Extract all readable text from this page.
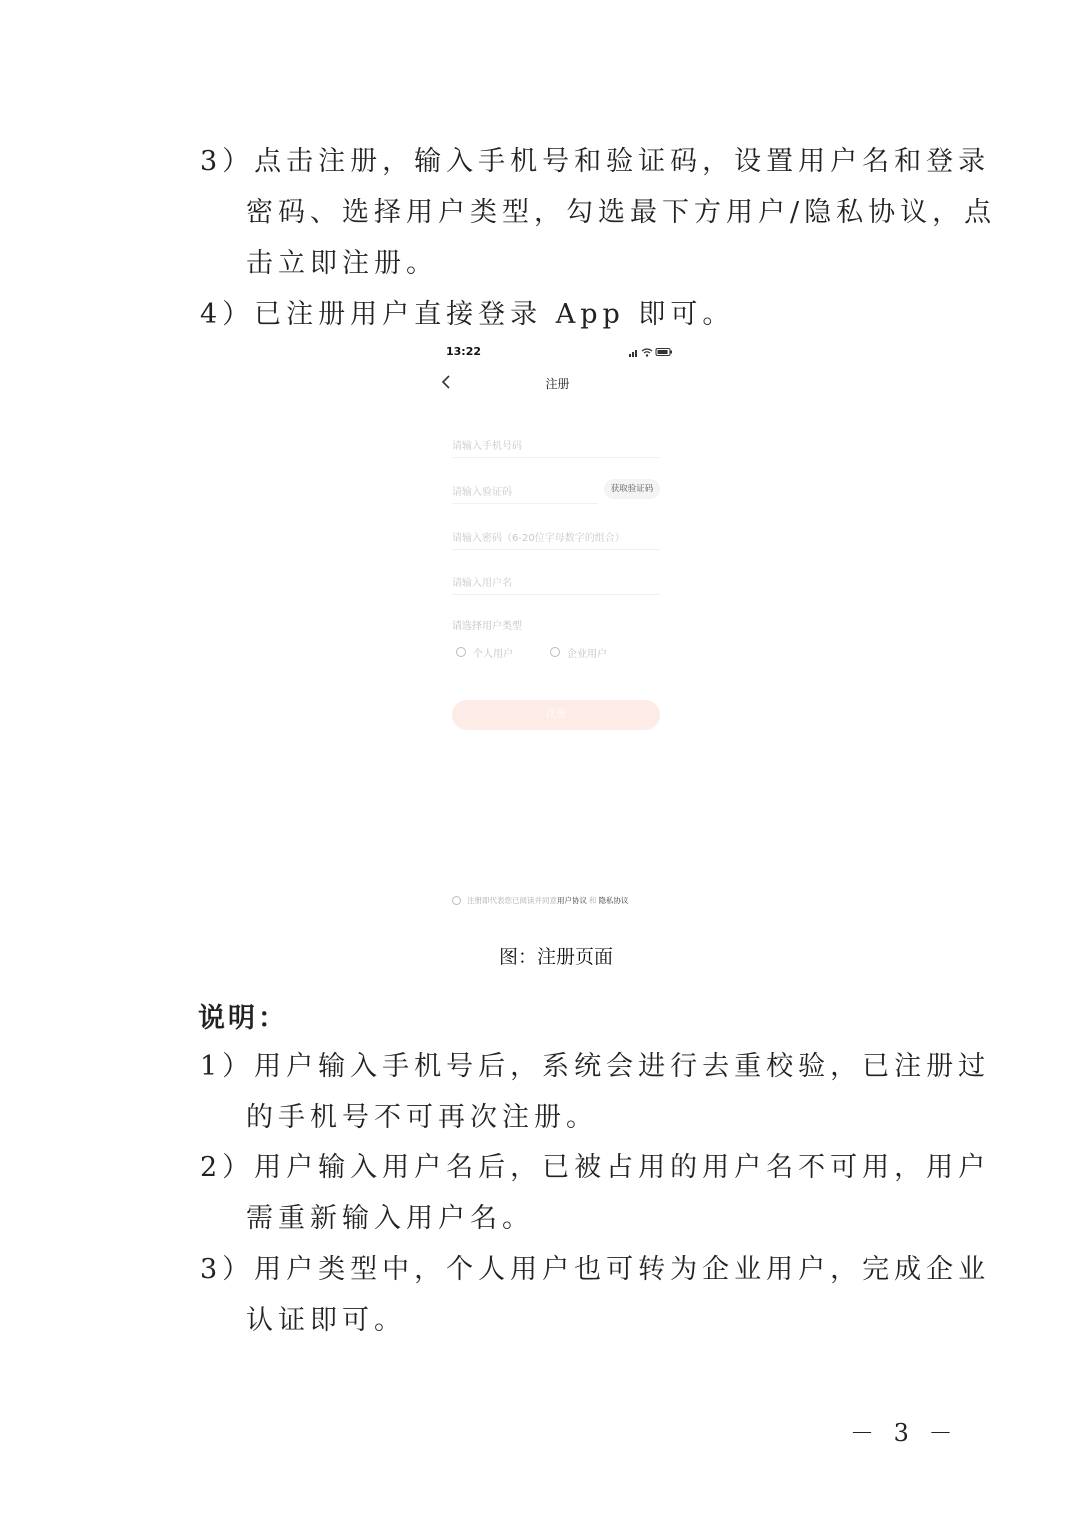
3）点击注册，输入手机号和验证码，设置用户名和登录
密码、选择用户类型，勾选最下方用户/隐私协议，点
击立即注册。
4）已注册用户直接登录 App 即可。
13:22
注册
请输入手机号码
请输入验证码	获取验证码
请输入密码（6-20位字母数字的组合）
请输入用户名
请选择用户类型
个人用户	企业用户
注册
注册即代表您已阅读并同意 用户协议 和 隐私协议
图：注册页面
说明：
1）用户输入手机号后，系统会进行去重校验，已注册过
的手机号不可再次注册。
2）用户输入用户名后，已被占用的用户名不可用，用户
需重新输入用户名。
3）用户类型中，个人用户也可转为企业用户，完成企业
认证即可。
－ 3 －
